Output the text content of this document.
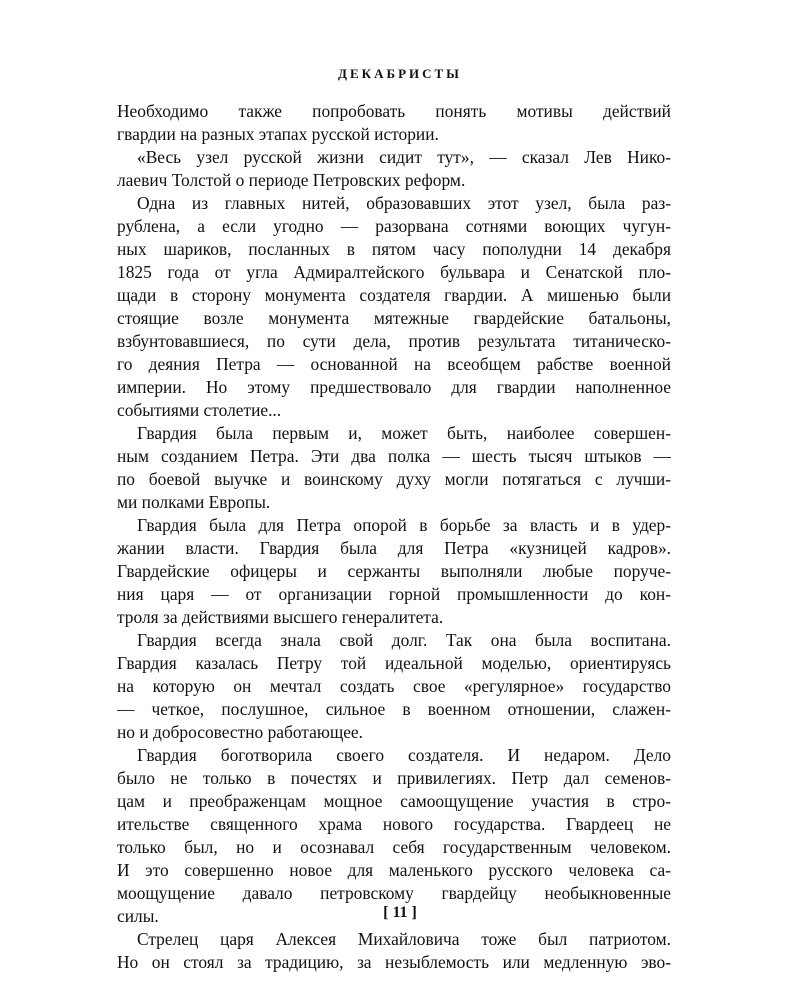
ДЕКАБРИСТЫ
Необходимо также попробовать понять мотивы действий
гвардии на разных этапах русской истории.
«Весь узел русской жизни сидит тут», — сказал Лев Нико-
лаевич Толстой о периоде Петровских реформ.
Одна из главных нитей, образовавших этот узел, была раз-
рублена, а если угодно — разорвана сотнями воющих чугун-
ных шариков, посланных в пятом часу пополудни 14 декабря
1825 года от угла Адмиралтейского бульвара и Сенатской пло-
щади в сторону монумента создателя гвардии. А мишенью были
стоящие возле монумента мятежные гвардейские батальоны,
взбунтовавшиеся, по сути дела, против результата титаническо-
го деяния Петра — основанной на всеобщем рабстве военной
империи. Но этому предшествовало для гвардии наполненное
событиями столетие...
Гвардия была первым и, может быть, наиболее совершен-
ным созданием Петра. Эти два полка — шесть тысяч штыков —
по боевой выучке и воинскому духу могли потягаться с лучши-
ми полками Европы.
Гвардия была для Петра опорой в борьбе за власть и в удер-
жании власти. Гвардия была для Петра «кузницей кадров».
Гвардейские офицеры и сержанты выполняли любые поруче-
ния царя — от организации горной промышленности до кон-
троля за действиями высшего генералитета.
Гвардия всегда знала свой долг. Так она была воспитана.
Гвардия казалась Петру той идеальной моделью, ориентируясь
на которую он мечтал создать свое «регулярное» государство
— четкое, послушное, сильное в военном отношении, слажен-
но и добросовестно работающее.
Гвардия боготворила своего создателя. И недаром. Дело
было не только в почестях и привилегиях. Петр дал семенов-
цам и преображенцам мощное самоощущение участия в стро-
ительстве священного храма нового государства. Гвардеец не
только был, но и осознавал себя государственным человеком.
И это совершенно новое для маленького русского человека са-
моощущение давало петровскому гвардейцу необыкновенные
силы.
Стрелец царя Алексея Михайловича тоже был патриотом.
Но он стоял за традицию, за незыблемость или медленную эво-
[ 11 ]
